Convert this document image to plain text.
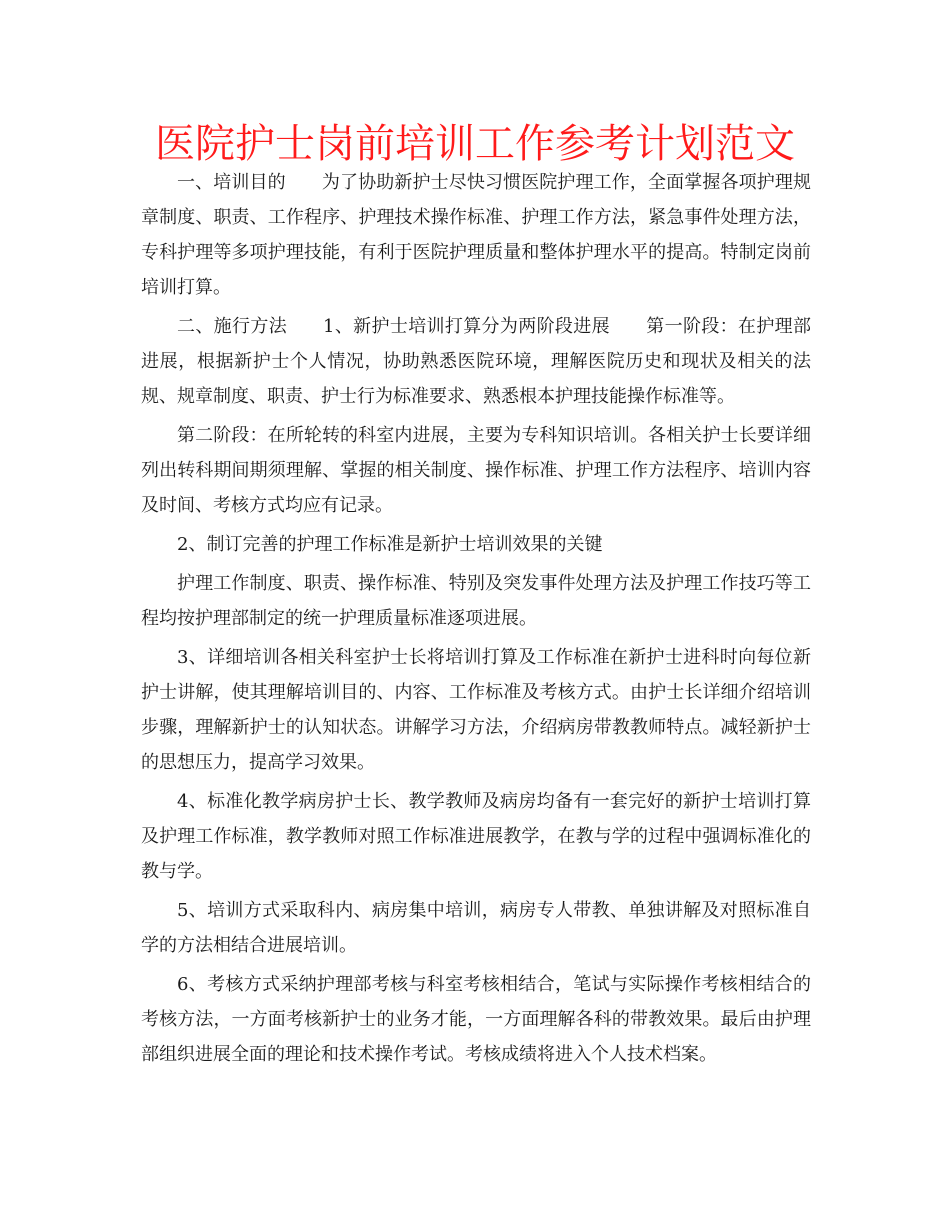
医院护士岗前培训工作参考计划范文

一、培训目的 为了协助新护士尽快习惯医院护理工作，全面掌握各项护理规章制度、职责、工作程序、护理技术操作标准、护理工作方法，紧急事件处理方法，专科护理等多项护理技能，有利于医院护理质量和整体护理水平的提高。特制定岗前培训打算。

二、施行方法 1、新护士培训打算分为两阶段进展 第一阶段：在护理部进展，根据新护士个人情况，协助熟悉医院环境，理解医院历史和现状及相关的法规、规章制度、职责、护士行为标准要求、熟悉根本护理技能操作标准等。

第二阶段：在所轮转的科室内进展，主要为专科知识培训。各相关护士长要详细列出转科期间期须理解、掌握的相关制度、操作标准、护理工作方法程序、培训内容及时间、考核方式均应有记录。

2、制订完善的护理工作标准是新护士培训效果的关键

护理工作制度、职责、操作标准、特别及突发事件处理方法及护理工作技巧等工程均按护理部制定的统一护理质量标准逐项进展。

3、详细培训各相关科室护士长将培训打算及工作标准在新护士进科时向每位新护士讲解，使其理解培训目的、内容、工作标准及考核方式。由护士长详细介绍培训步骤，理解新护士的认知状态。讲解学习方法，介绍病房带教教师特点。减轻新护士的思想压力，提高学习效果。

4、标准化教学病房护士长、教学教师及病房均备有一套完好的新护士培训打算及护理工作标准，教学教师对照工作标准进展教学，在教与学的过程中强调标准化的教与学。

5、培训方式采取科内、病房集中培训，病房专人带教、单独讲解及对照标准自学的方法相结合进展培训。

6、考核方式采纳护理部考核与科室考核相结合，笔试与实际操作考核相结合的考核方法，一方面考核新护士的业务才能，一方面理解各科的带教效果。最后由护理部组织进展全面的理论和技术操作考试。考核成绩将进入个人技术档案。
